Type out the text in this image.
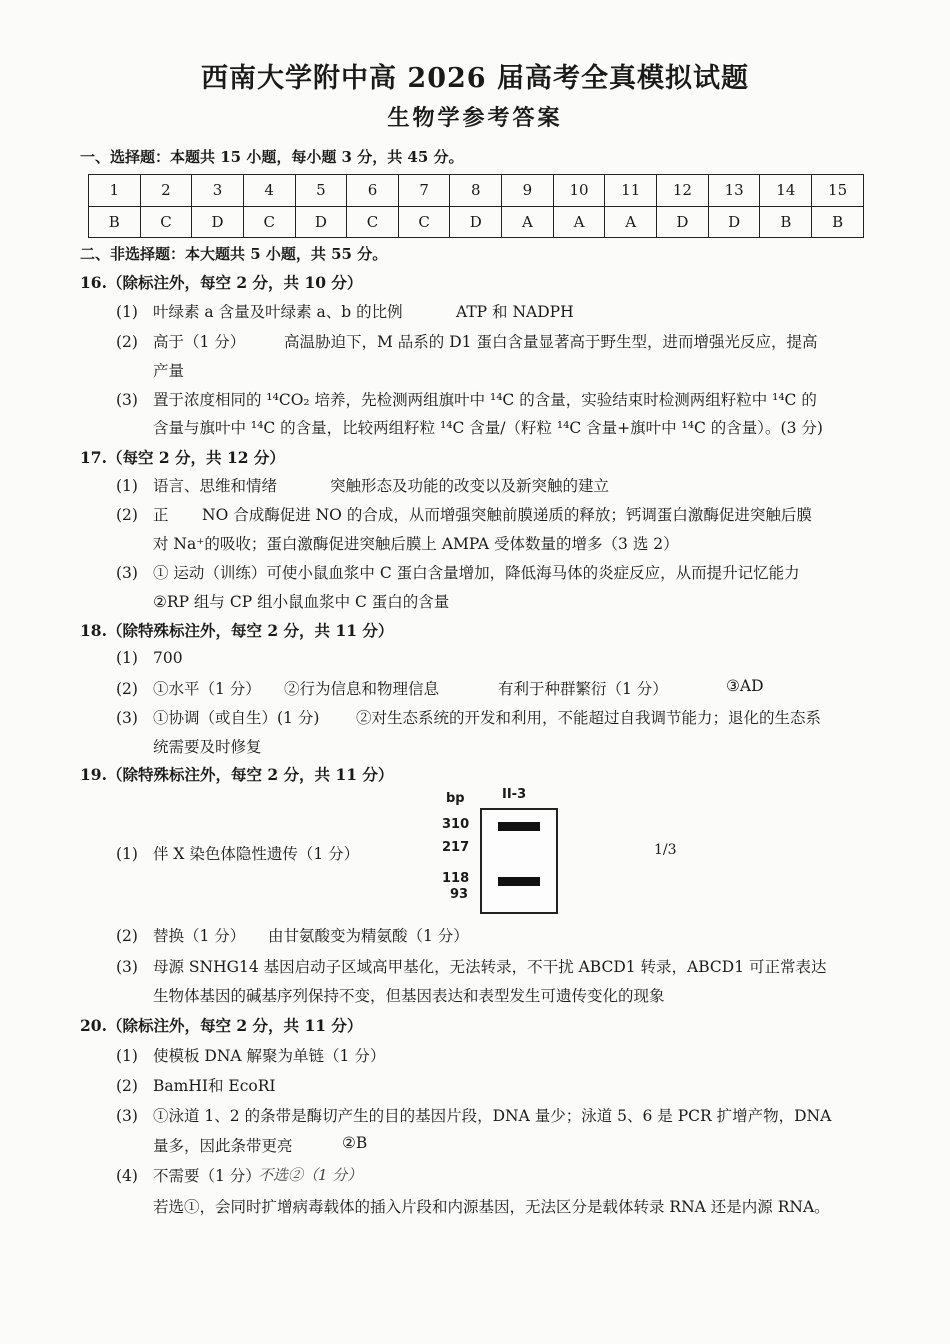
西南大学附中高 2026 届高考全真模拟试题
生物学参考答案
一、选择题：本题共 15 小题，每小题 3 分，共 45 分。
1	2	3	4	5	6	7	8	9	10	11	12	13	14	15
B	C	D	C	D	C	C	D	A	A	A	D	D	B	B
二、非选择题：本大题共 5 小题，共 55 分。
16.（除标注外，每空 2 分，共 10 分）
(1) 叶绿素 a 含量及叶绿素 a、b 的比例	ATP 和 NADPH
(2) 高于（1 分） 高温胁迫下，M 品系的 D1 蛋白含量显著高于野生型，进而增强光反应，提高
产量
(3) 置于浓度相同的 ¹⁴CO₂ 培养，先检测两组旗叶中 ¹⁴C 的含量，实验结束时检测两组籽粒中 ¹⁴C 的
含量与旗叶中 ¹⁴C 的含量，比较两组籽粒 ¹⁴C 含量/（籽粒 ¹⁴C 含量+旗叶中 ¹⁴C 的含量）。(3 分)
17.（每空 2 分，共 12 分）
(1) 语言、思维和情绪	突触形态及功能的改变以及新突触的建立
(2) 正 NO 合成酶促进 NO 的合成，从而增强突触前膜递质的释放；钙调蛋白激酶促进突触后膜
对 Na⁺的吸收；蛋白激酶促进突触后膜上 AMPA 受体数量的增多（3 选 2）
(3) ① 运动（训练）可使小鼠血浆中 C 蛋白含量增加，降低海马体的炎症反应，从而提升记忆能力
②RP 组与 CP 组小鼠血浆中 C 蛋白的含量
18.（除特殊标注外，每空 2 分，共 11 分）
(1) 700
(2) ①水平（1 分） ②行为信息和物理信息	有利于种群繁衍（1 分）	③AD
(3) ①协调（或自生）(1 分) ②对生态系统的开发和利用，不能超过自我调节能力；退化的生态系
统需要及时修复
19.（除特殊标注外，每空 2 分，共 11 分）
bp	II-3
310
217
118
93
(1) 伴 X 染色体隐性遗传（1 分）	1/3
(2) 替换（1 分） 由甘氨酸变为精氨酸（1 分）
(3) 母源 SNHG14 基因启动子区域高甲基化，无法转录，不干扰 ABCD1 转录，ABCD1 可正常表达
生物体基因的碱基序列保持不变，但基因表达和表型发生可遗传变化的现象
20.（除标注外，每空 2 分，共 11 分）
(1) 使模板 DNA 解聚为单链（1 分）
(2) BamHI和 EcoRI
(3) ①泳道 1、2 的条带是酶切产生的目的基因片段，DNA 量少；泳道 5、6 是 PCR 扩增产物，DNA
量多，因此条带更亮	②B
(4) 不需要（1 分）
不选②（1 分）
若选①，会同时扩增病毒载体的插入片段和内源基因，无法区分是载体转录 RNA 还是内源 RNA。
